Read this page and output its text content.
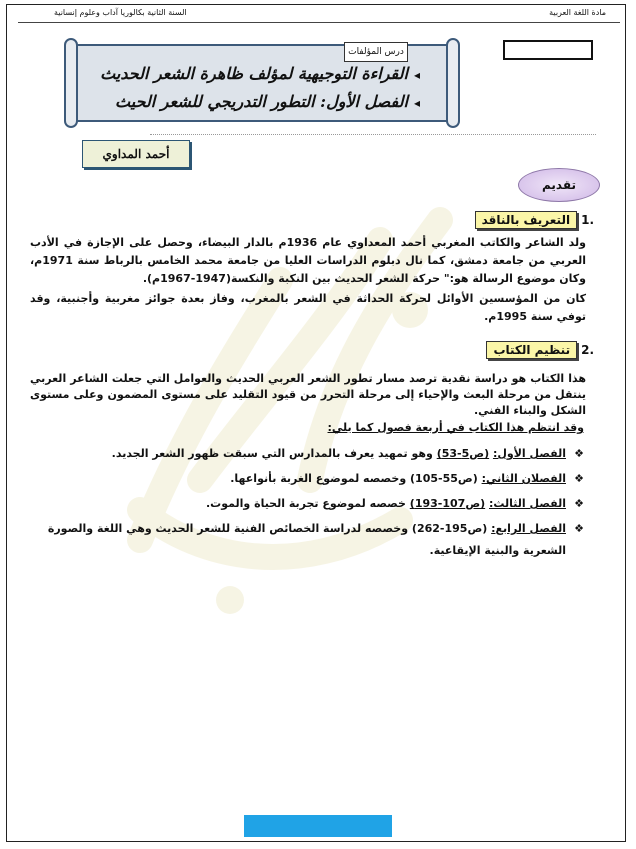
مادة اللغة العربية
السنة الثانية بكالوريا آداب وعلوم إنسانية
درس المؤلفات
◂القراءة التوجيهية لمؤلف ظاهرة الشعر الحديث
◂الفصل الأول: التطور التدريجي للشعر الحيث
أحمد المداوي
تقديم
.1التعريف بالناقد
ولد الشاعر والكاتب المغربي أحمد المعداوي عام 1936م بالدار البيضاء، وحصل على الإجازة في الأدب العربي من جامعة دمشق، كما نال دبلوم الدراسات العليا من جامعة محمد الخامس بالرباط سنة 1971م، وكان موضوع الرسالة هو:" حركة الشعر الحديث بين النكبة والنكسة(1947-1967م).
كان من المؤسسين الأوائل لحركة الحداثة في الشعر بالمغرب، وفاز بعدة جوائز مغربية وأجنبية، وقد توفي سنة 1995م.
.2تنظيم الكتاب
هذا الكتاب هو دراسة نقدية ترصد مسار تطور الشعر العربي الحديث والعوامل التي جعلت الشاعر العربي ينتقل من مرحلة البعث والإحياء إلى مرحلة التحرر من قيود التقليد على مستوى المضمون وعلى مستوى الشكل والبناء الفني.
وقد انتظم هذا الكتاب في أربعة فصول كما يلي:
❖
الفصل الأول: (ص5-53) وهو تمهيد يعرف بالمدارس التي سبقت ظهور الشعر الجديد.
❖
الفصلان الثاني: (ص55-105) وخصصه لموضوع الغربة بأنواعها.
❖
الفصل الثالث: (ص107-193) خصصه لموضوع تجربة الحياة والموت.
❖
الفصل الرابع: (ص195-262) وخصصه لدراسة الخصائص الفنية للشعر الحديث وهي اللغة والصورة الشعرية والبنية الإيقاعية.
